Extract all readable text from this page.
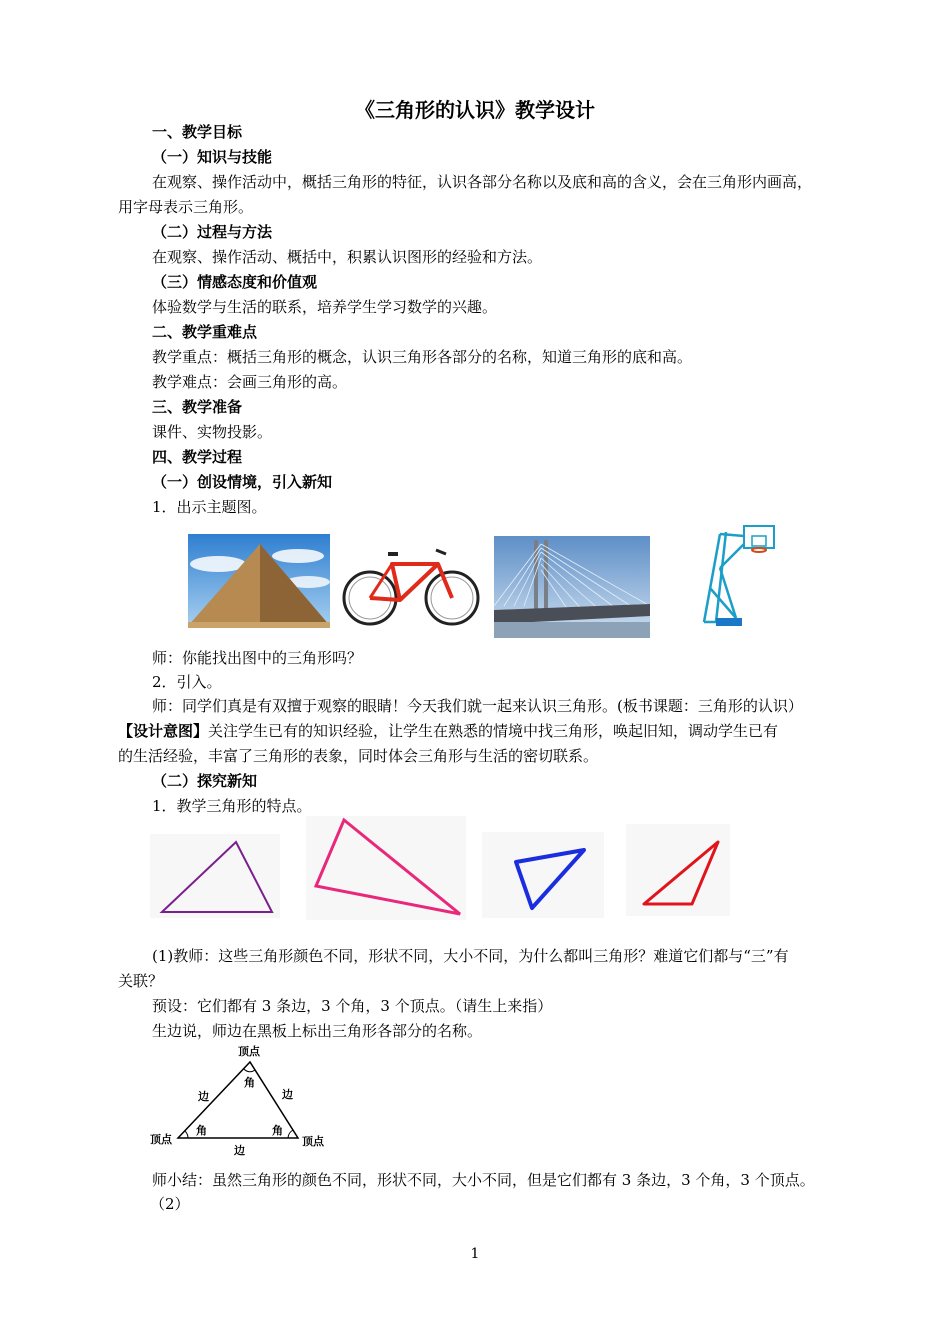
《三角形的认识》教学设计
一、教学目标
（一）知识与技能
在观察、操作活动中，概括三角形的特征，认识各部分名称以及底和高的含义，会在三角形内画高，
用字母表示三角形。
（二）过程与方法
在观察、操作活动、概括中，积累认识图形的经验和方法。
（三）情感态度和价值观
体验数学与生活的联系，培养学生学习数学的兴趣。
二、教学重难点
教学重点：概括三角形的概念，认识三角形各部分的名称，知道三角形的底和高。
教学难点：会画三角形的高。
三、教学准备
课件、实物投影。
四、教学过程
（一）创设情境，引入新知
1．出示主题图。
师：你能找出图中的三角形吗？
2．引入。
师：同学们真是有双擅于观察的眼睛！今天我们就一起来认识三角形。(板书课题：三角形的认识）
【设计意图】关注学生已有的知识经验，让学生在熟悉的情境中找三角形，唤起旧知，调动学生已有
的生活经验，丰富了三角形的表象，同时体会三角形与生活的密切联系。
（二）探究新知
1．教学三角形的特点。
(1)教师：这些三角形颜色不同，形状不同，大小不同，为什么都叫三角形？难道它们都与“三”有
关联？
预设：它们都有 3 条边，3 个角，3 个顶点。（请生上来指）
生边说，师边在黑板上标出三角形各部分的名称。
顶点
角
边	边
顶点
角	角
顶点
边
师小结：虽然三角形的颜色不同，形状不同，大小不同，但是它们都有 3 条边，3 个角，3 个顶点。
（2）
1
